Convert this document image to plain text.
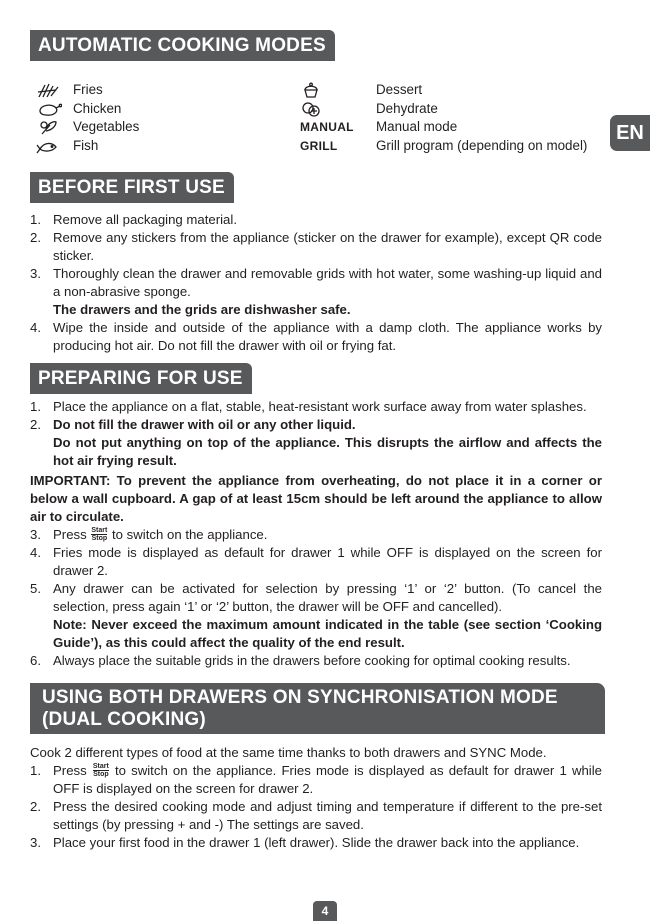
AUTOMATIC COOKING MODES
EN
Fries
Chicken
Vegetables
Fish
Dessert
Dehydrate
MANUAL Manual mode
GRILL	Grill program (depending on model)
BEFORE FIRST USE
1. Remove all packaging material.
2. Remove any stickers from the appliance (sticker on the drawer for example), except QR code sticker.
3. Thoroughly clean the drawer and removable grids with hot water, some washing-up liquid and a non-abrasive sponge.
The drawers and the grids are dishwasher safe.
4. Wipe the inside and outside of the appliance with a damp cloth. The appliance works by producing hot air. Do not fill the drawer with oil or frying fat.
PREPARING FOR USE
1. Place the appliance on a flat, stable, heat-resistant work surface away from water splashes.
2. Do not fill the drawer with oil or any other liquid.
Do not put anything on top of the appliance. This disrupts the airflow and affects the hot air frying result.
IMPORTANT: To prevent the appliance from overheating, do not place it in a corner or below a wall cupboard. A gap of at least 15cm should be left around the appliance to allow air to circulate.
3. Press Start
Stop to switch on the appliance.
4. Fries mode is displayed as default for drawer 1 while OFF is displayed on the screen for drawer 2.
5. Any drawer can be activated for selection by pressing ‘1’ or ‘2’ button. (To cancel the selection, press again ‘1’ or ‘2’ button, the drawer will be OFF and cancelled).
Note: Never exceed the maximum amount indicated in the table (see section ‘Cooking Guide’), as this could affect the quality of the end result.
6. Always place the suitable grids in the drawers before cooking for optimal cooking results.
USING BOTH DRAWERS ON SYNCHRONISATION MODE
(DUAL COOKING)
Cook 2 different types of food at the same time thanks to both drawers and SYNC Mode.
1. Press Start
Stop to switch on the appliance. Fries mode is displayed as default for drawer 1 while OFF is displayed on the screen for drawer 2.
2. Press the desired cooking mode and adjust timing and temperature if different to the pre-set settings (by pressing + and -) The settings are saved.
3. Place your first food in the drawer 1 (left drawer). Slide the drawer back into the appliance.
4
